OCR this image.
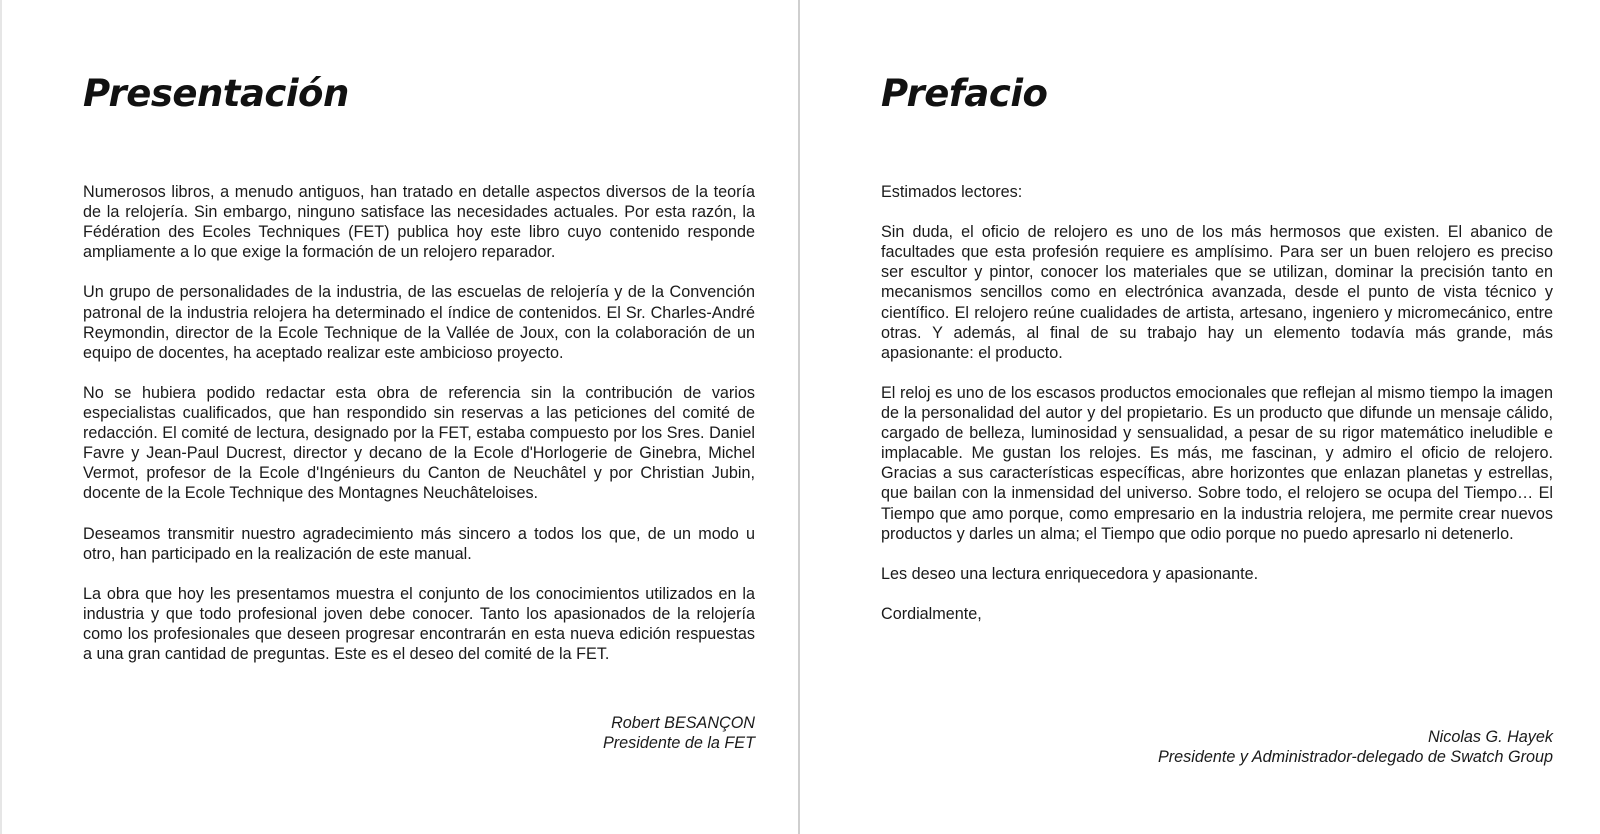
Presentación

Numerosos libros, a menudo antiguos, han tratado en detalle aspectos diversos de la teoría de la relojería. Sin embargo, ninguno satisface las necesidades actuales. Por esta razón, la Fédération des Ecoles Techniques (FET) publica hoy este libro cuyo contenido responde ampliamente a lo que exige la formación de un relojero reparador.

Un grupo de personalidades de la industria, de las escuelas de relojería y de la Convención patronal de la industria relojera ha determinado el índice de contenidos. El Sr. Charles-André Reymondin, director de la Ecole Technique de la Vallée de Joux, con la colaboración de un equipo de docentes, ha aceptado realizar este ambicioso proyecto.

No se hubiera podido redactar esta obra de referencia sin la contribución de varios especialistas cualificados, que han respondido sin reservas a las peticiones del comité de redacción. El comité de lectura, designado por la FET, estaba compuesto por los Sres. Daniel Favre y Jean-Paul Ducrest, director y decano de la Ecole d'Horlogerie de Ginebra, Michel Vermot, profesor de la Ecole d'Ingénieurs du Canton de Neuchâtel y por Christian Jubin, docente de la Ecole Technique des Montagnes Neuchâteloises.

Deseamos transmitir nuestro agradecimiento más sincero a todos los que, de un modo u otro, han participado en la realización de este manual.

La obra que hoy les presentamos muestra el conjunto de los conocimientos utilizados en la industria y que todo profesional joven debe conocer. Tanto los apasionados de la relojería como los profesionales que deseen progresar encontrarán en esta nueva edición respuestas a una gran cantidad de preguntas. Este es el deseo del comité de la FET.

Robert BESANÇON
Presidente de la FET
Prefacio

Estimados lectores:

Sin duda, el oficio de relojero es uno de los más hermosos que existen. El abanico de facultades que esta profesión requiere es amplísimo. Para ser un buen relojero es preciso ser escultor y pintor, conocer los materiales que se utilizan, dominar la precisión tanto en mecanismos sencillos como en electrónica avanzada, desde el punto de vista técnico y científico. El relojero reúne cualidades de artista, artesano, ingeniero y micromecánico, entre otras. Y además, al final de su trabajo hay un elemento todavía más grande, más apasionante: el producto.

El reloj es uno de los escasos productos emocionales que reflejan al mismo tiempo la imagen de la personalidad del autor y del propietario. Es un producto que difunde un mensaje cálido, cargado de belleza, luminosidad y sensualidad, a pesar de su rigor matemático ineludible e implacable. Me gustan los relojes. Es más, me fascinan, y admiro el oficio de relojero. Gracias a sus características específicas, abre horizontes que enlazan planetas y estrellas, que bailan con la inmensidad del universo. Sobre todo, el relojero se ocupa del Tiempo… El Tiempo que amo porque, como empresario en la industria relojera, me permite crear nuevos productos y darles un alma; el Tiempo que odio porque no puedo apresarlo ni detenerlo.

Les deseo una lectura enriquecedora y apasionante.

Cordialmente,

Nicolas G. Hayek
Presidente y Administrador-delegado de Swatch Group
